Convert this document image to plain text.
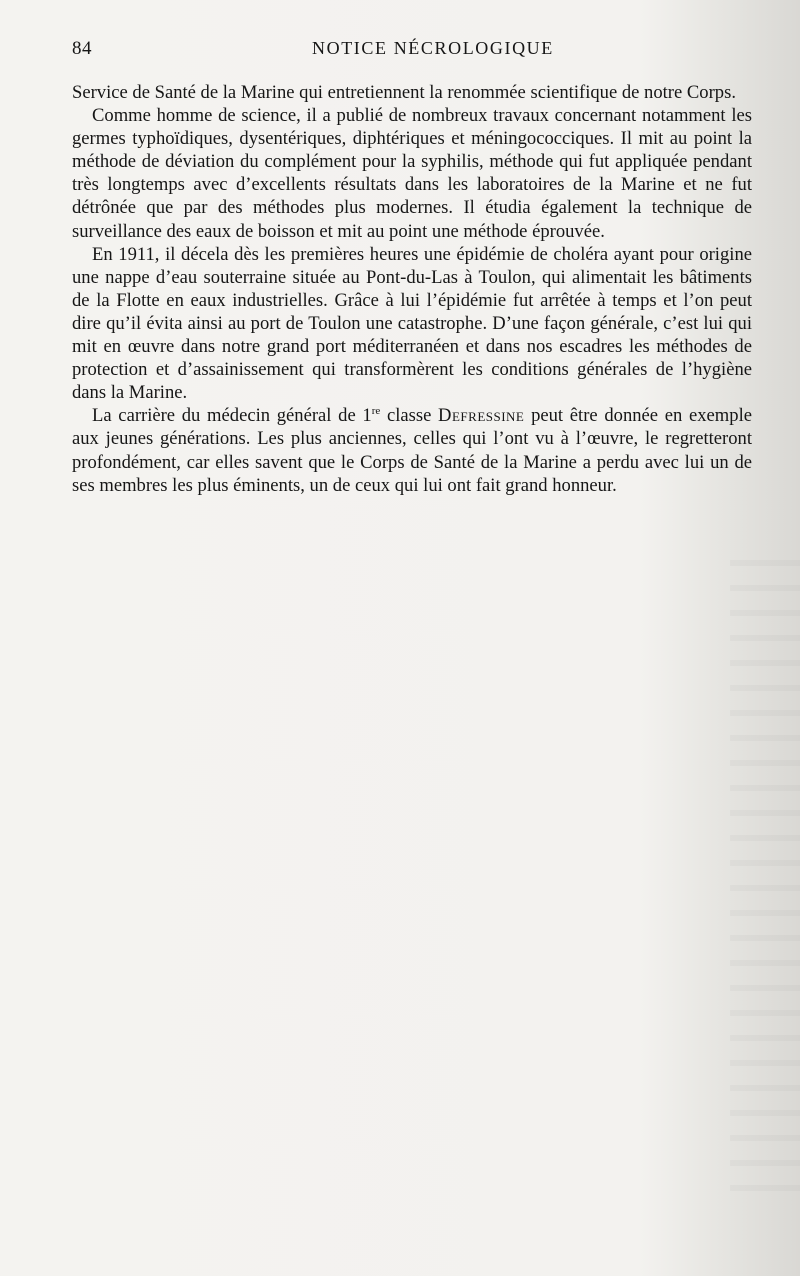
84	NOTICE NÉCROLOGIQUE

Service de Santé de la Marine qui entretiennent la renommée scientifique de notre Corps.

Comme homme de science, il a publié de nombreux travaux concernant notamment les germes typhoïdiques, dysentériques, diphtériques et méningococciques. Il mit au point la méthode de déviation du complément pour la syphilis, méthode qui fut appliquée pendant très longtemps avec d’excellents résultats dans les laboratoires de la Marine et ne fut détrônée que par des méthodes plus modernes. Il étudia également la technique de surveillance des eaux de boisson et mit au point une méthode éprouvée.

En 1911, il décela dès les premières heures une épidémie de choléra ayant pour origine une nappe d’eau souterraine située au Pont-du-Las à Toulon, qui alimentait les bâtiments de la Flotte en eaux industrielles. Grâce à lui l’épidémie fut arrêtée à temps et l’on peut dire qu’il évita ainsi au port de Toulon une catastrophe. D’une façon générale, c’est lui qui mit en œuvre dans notre grand port méditerranéen et dans nos escadres les méthodes de protection et d’assainissement qui transformèrent les conditions générales de l’hygiène dans la Marine.

La carrière du médecin général de 1re classe Defressine peut être donnée en exemple aux jeunes générations. Les plus anciennes, celles qui l’ont vu à l’œuvre, le regretteront profondément, car elles savent que le Corps de Santé de la Marine a perdu avec lui un de ses membres les plus éminents, un de ceux qui lui ont fait grand honneur.
